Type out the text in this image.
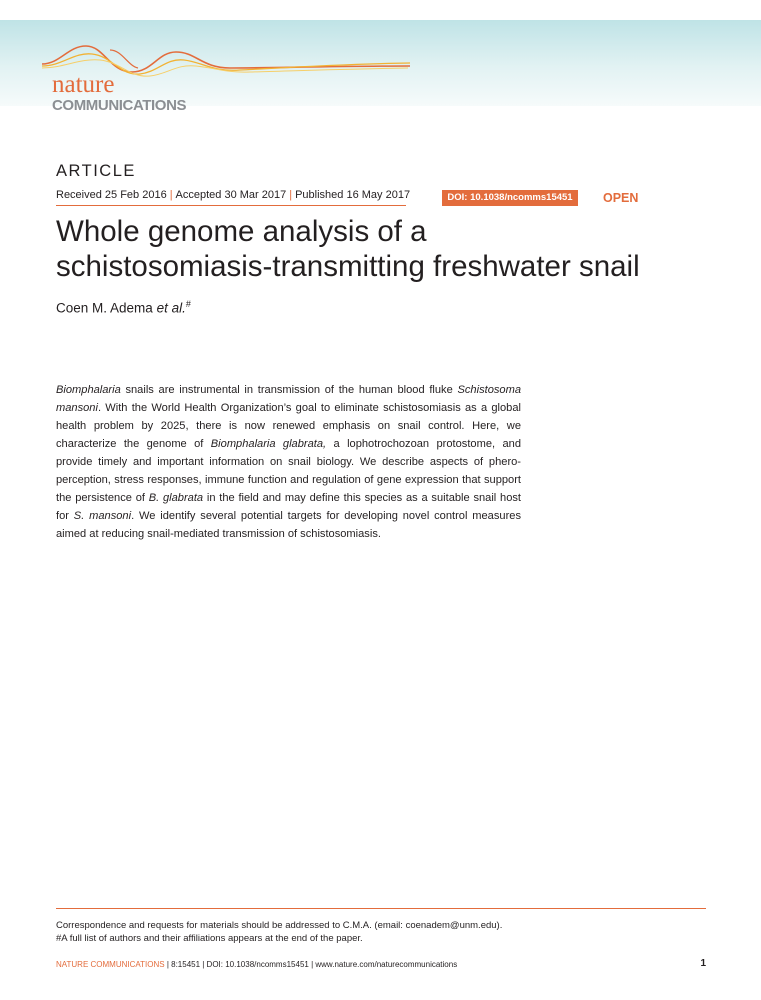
nature
COMMUNICATIONS
ARTICLE
Received 25 Feb 2016 | Accepted 30 Mar 2017 | Published 16 May 2017	DOI: 10.1038/ncomms15451	OPEN
Whole genome analysis of a
schistosomiasis-transmitting freshwater snail
Coen M. Adema et al.#
Biomphalaria snails are instrumental in transmission of the human blood fluke Schistosoma mansoni. With the World Health Organization’s goal to eliminate schistosomiasis as a global health problem by 2025, there is now renewed emphasis on snail control. Here, we characterize the genome of Biomphalaria glabrata, a lophotrochozoan protostome, and provide timely and important information on snail biology. We describe aspects of phero-perception, stress responses, immune function and regulation of gene expression that support the persistence of B. glabrata in the field and may define this species as a suitable snail host for S. mansoni. We identify several potential targets for developing novel control measures aimed at reducing snail-mediated transmission of schistosomiasis.
Correspondence and requests for materials should be addressed to C.M.A. (email: coenadem@unm.edu).
#A full list of authors and their affiliations appears at the end of the paper.
NATURE COMMUNICATIONS | 8:15451 | DOI: 10.1038/ncomms15451 | www.nature.com/naturecommunications	1
